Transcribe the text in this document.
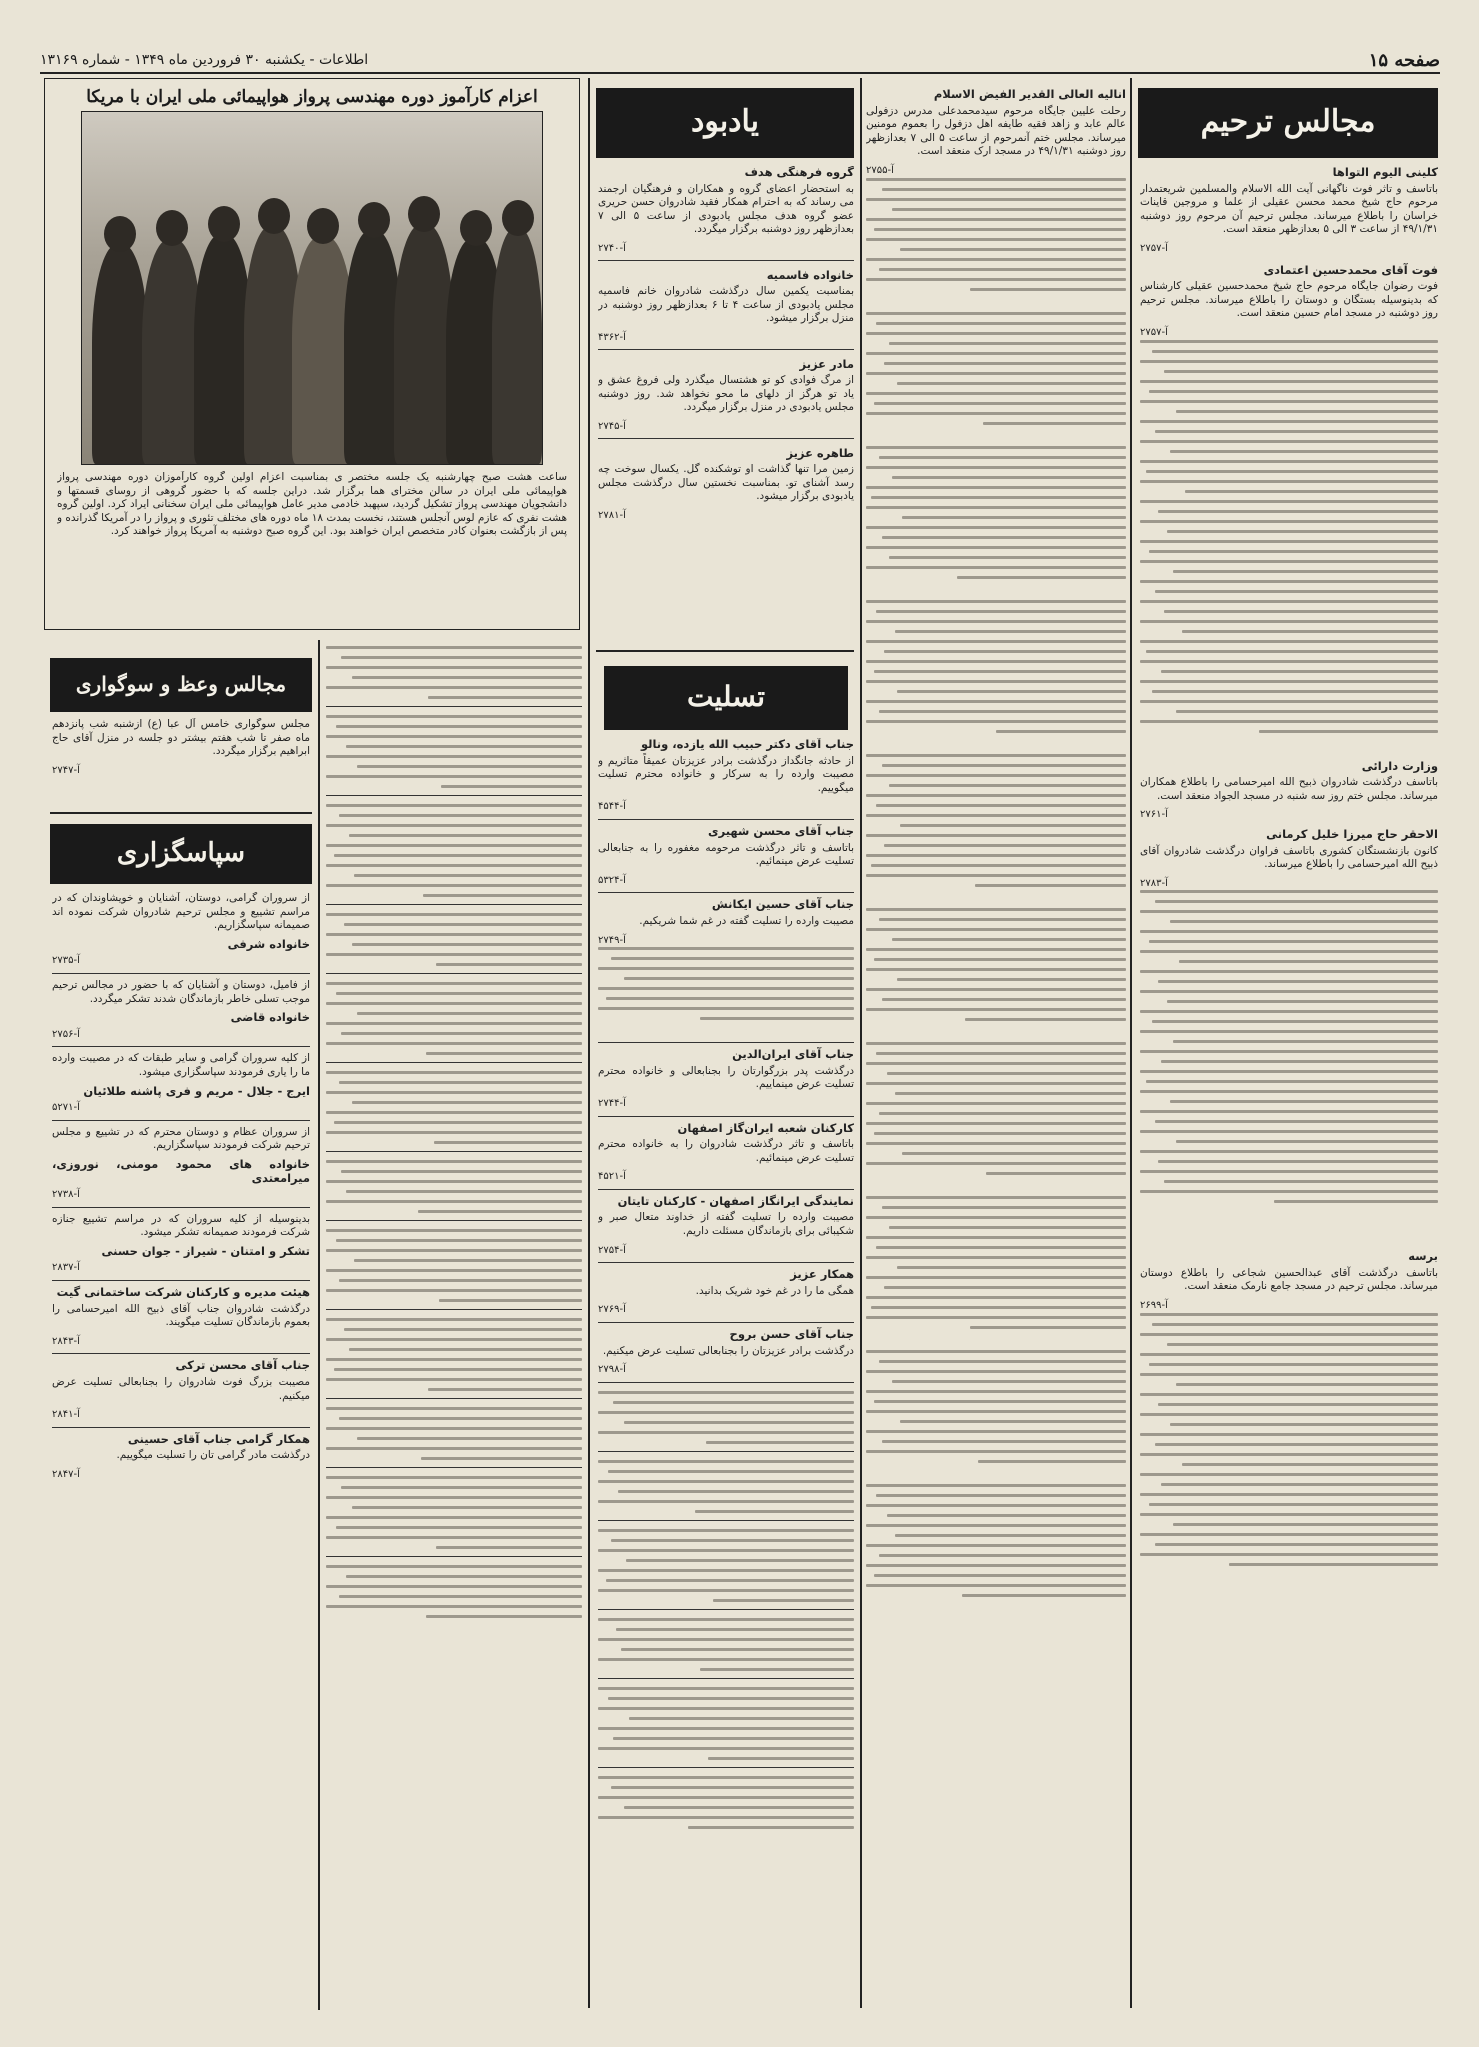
صفحه ۱۵
اطلاعات - یکشنبه ۳۰ فروردین ماه ۱۳۴۹ - شماره ۱۳۱۶۹
مجالس ترحیم
کلینی الیوم التواها

باتاسف و تاثر فوت ناگهانی آیت الله الاسلام والمسلمین شریعتمدار مرحوم حاج شیخ محمد محسن عقیلی از علما و مروجین قاینات خراسان را باطلاع میرساند. مجلس ترحیم آن مرحوم روز دوشنبه ۴۹/۱/۳۱ از ساعت ۳ الی ۵ بعدازظهر منعقد است.

آ-۲۷۵۷
فوت آقای محمدحسین اعتمادی

فوت رضوان جایگاه مرحوم حاج شیخ محمدحسین عقیلی کارشناس که بدینوسیله بستگان و دوستان را باطلاع میرساند. مجلس ترحیم روز دوشنبه در مسجد امام حسین منعقد است.

آ-۲۷۵۷
وزارت دارائی

باتاسف درگذشت شادروان ذبیح الله امیرحسامی را باطلاع همکاران میرساند. مجلس ختم روز سه شنبه در مسجد الجواد منعقد است.

آ-۲۷۶۱
الاحقر حاج میرزا خلیل کرمانی

کانون بازنشستگان کشوری باتاسف فراوان درگذشت شادروان آقای ذبیح الله امیرحسامی را باطلاع میرساند.

آ-۲۷۸۳
برسه

باتاسف درگذشت آقای عبدالحسین شجاعی را باطلاع دوستان میرساند. مجلس ترحیم در مسجد جامع نارمک منعقد است.

آ-۲۶۹۹
انالیه العالی القدیر الفیض الاسلام

رحلت علیین جایگاه مرحوم سیدمحمدعلی مدرس دزفولی عالم عابد و زاهد فقیه طایفه اهل دزفول را بعموم مومنین میرساند. مجلس ختم آنمرحوم از ساعت ۵ الی ۷ بعدازظهر روز دوشنبه ۴۹/۱/۳۱ در مسجد ارک منعقد است.

آ-۲۷۵۵
یادبود
گروه فرهنگی هدف

به استحضار اعضای گروه و همکاران و فرهنگیان ارجمند می رساند که به احترام همکار فقید شادروان حسن حریری عضو گروه هدف مجلس یادبودی از ساعت ۵ الی ۷ بعدازظهر روز دوشنبه برگزار میگردد.

آ-۲۷۴۰
خانواده فاسمیه

بمناسبت یکمین سال درگذشت شادروان خانم فاسمیه مجلس یادبودی از ساعت ۴ تا ۶ بعدازظهر روز دوشنبه در منزل برگزار میشود.

آ-۴۳۶۲
مادر عزیز

از مرگ فوادی کو تو هشتسال میگذرد ولی فروغ عشق و یاد تو هرگز از دلهای ما محو نخواهد شد. روز دوشنبه مجلس یادبودی در منزل برگزار میگردد.

آ-۲۷۴۵
طاهره عزیز

زمین مرا تنها گذاشت او توشکنده گل. یکسال سوخت چه رسد آشنای تو. بمناسبت نخستین سال درگذشت مجلس یادبودی برگزار میشود.

آ-۲۷۸۱
تسلیت
جناب آقای دکتر حبیب الله یازده، ونالو

از حادثه جانگداز درگذشت برادر عزیزتان عمیقاً متاثریم و مصیبت وارده را به سرکار و خانواده محترم تسلیت میگوییم.

آ-۴۵۴۴
جناب آقای محسن شهیری

باتاسف و تاثر درگذشت مرحومه مغفوره را به جنابعالی تسلیت عرض مینمائیم.

آ-۵۳۲۴
جناب آقای حسین ایکانش

مصیبت وارده را تسلیت گفته در غم شما شریکیم.

آ-۲۷۴۹
جناب آقای ایران‌الدین

درگذشت پدر بزرگوارتان را بجنابعالی و خانواده محترم تسلیت عرض مینماییم.

آ-۲۷۴۴
کارکنان شعبه ایران‌گاز اصفهان

باتاسف و تاثر درگذشت شادروان را به خانواده محترم تسلیت عرض مینمائیم.

آ-۴۵۲۱
نمایندگی ایرانگاز اصفهان - کارکنان تایتان

مصیبت وارده را تسلیت گفته از خداوند متعال صبر و شکیبائی برای بازماندگان مسئلت داریم.

آ-۲۷۵۴
همکار عزیز

همگی ما را در غم خود شریک بدانید.

آ-۲۷۶۹
جناب آقای حسن بروح

درگذشت برادر عزیزتان را بجنابعالی تسلیت عرض میکنیم.

آ-۲۷۹۸
اعزام کارآموز دوره مهندسی پرواز هواپیمائی ملی ایران با مریکا
ساعت هشت صبح چهارشنبه یک جلسه مختصر ی بمناسبت اعزام اولین گروه کارآموزان دوره مهندسی پرواز هواپیمائی ملی ایران در سالن مخترای هما برگزار شد. دراین جلسه که با حضور گروهی از روسای قسمتها و دانشجویان مهندسی پرواز تشکیل گردید، سپهبد خادمی مدیر عامل هواپیمائی ملی ایران سخنانی ایراد کرد. اولین گروه هشت نفری که عازم لوس آنجلس هستند، نخست بمدت ۱۸ ماه دوره های مختلف تئوری و پرواز را در آمریکا گذرانده و پس از بازگشت بعنوان کادر متخصص ایران خواهند بود. این گروه صبح دوشنبه به آمریکا پرواز خواهند کرد.
مجالس وعظ و سوگواری

مجلس سوگواری خامس آل عبا (ع) ازشنبه شب پانزدهم ماه صفر تا شب هفتم بیشتر دو جلسه در منزل آقای حاج ابراهیم برگزار میگردد.

آ-۲۷۴۷
سپاسگزاری

از سروران گرامی، دوستان، آشنایان و خویشاوندان که در مراسم تشییع و مجلس ترحیم شادروان شرکت نموده اند صمیمانه سپاسگزاریم.

خانواده شرفی
آ-۲۷۳۵

از فامیل، دوستان و آشنایان که با حضور در مجالس ترحیم موجب تسلی خاطر بازماندگان شدند تشکر میگردد.

خانواده قاضی
آ-۲۷۵۶

از کلیه سروران گرامی و سایر طبقات که در مصیبت وارده ما را یاری فرمودند سپاسگزاری میشود.

ایرج - جلال - مریم و فری پاشنه طلائیان
آ-۵۲۷۱

از سروران عظام و دوستان محترم که در تشییع و مجلس ترحیم شرکت فرمودند سپاسگزاریم.

خانواده های محمود مومنی، نوروزی، میرامعتدی
آ-۲۷۳۸

بدینوسیله از کلیه سروران که در مراسم تشییع جنازه شرکت فرمودند صمیمانه تشکر میشود.

تشکر و امتنان - شیراز - جوان حسنی
آ-۲۸۳۷
هیئت مدیره و کارکنان شرکت ساختمانی گیت

درگذشت شادروان جناب آقای ذبیح الله امیرحسامی را بعموم بازماندگان تسلیت میگویند.

آ-۲۸۴۳
جناب آقای محسن ترکی

مصیبت بزرگ فوت شادروان را بجنابعالی تسلیت عرض میکنیم.

آ-۲۸۴۱
همکار گرامی جناب آقای حسینی

درگذشت مادر گرامی تان را تسلیت میگوییم.

آ-۲۸۴۷
